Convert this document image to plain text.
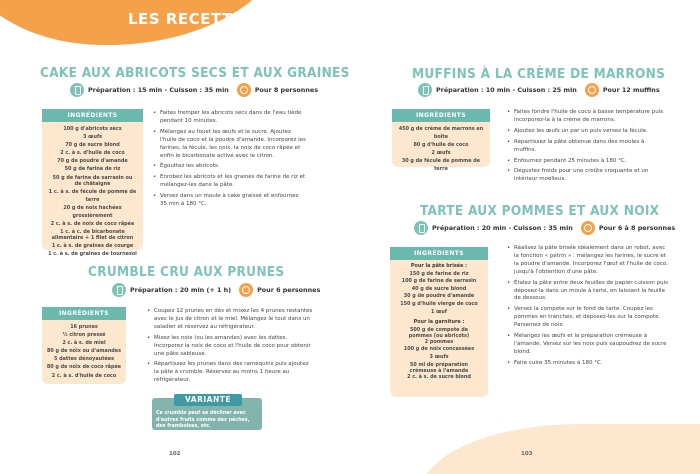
LES RECETTES
CAKE AUX ABRICOTS SECS ET AUX GRAINES
Préparation : 15 min - Cuisson : 35 min	Pour 8 personnes
INGRÉDIENTS
100 g d'abricots secs
3 œufs
70 g de sucre blond
2 c. à s. d'huile de coco
70 g de poudre d'amande
50 g de farine de riz
50 g de farine de sarrasin ou de châtaigne
1 c. à s. de fécule de pomme de terre
20 g de noix hachées grossièrement
2 c. à s. de noix de coco râpée
1 c. à c. de bicarbonate alimentaire + 1 filet de citron
1 c. à s. de graines de courge
1 c. à s. de graines de tournesol
• Faites tremper les abricots secs dans de l'eau tiède pendant 10 minutes.
• Mélangez au fouet les œufs et le sucre. Ajoutez l'huile de coco et la poudre d'amande. Incorporez les farines, la fécule, les noix, la noix de coco râpée et enfin le bicarbonate activé avec le citron.
• Égouttez les abricots.
• Enrobez les abricots et les graines de farine de riz et mélangez-les dans la pâte.
• Versez dans un moule à cake graissé et enfournez 35 min à 180 °C.
CRUMBLE CRU AUX PRUNES
Préparation : 20 min (+ 1 h)	Pour 6 personnes
INGRÉDIENTS
16 prunes
½ citron pressé
2 c. à s. de miel
80 g de noix ou d'amandes
5 dattes dénoyautées
80 g de noix de coco râpée
2 c. à s. d'huile de coco
• Coupez 12 prunes en dés et mixez les 4 prunes restantes avec le jus de citron et le miel. Mélangez le tout dans un saladier et réservez au réfrigérateur.
• Mixez les noix (ou les amandes) avec les dattes. Incorporez la noix de coco et l'huile de coco pour obtenir une pâte sableuse.
• Répartissez les prunes dans des ramequins puis ajoutez la pâte à crumble. Réservez au moins 1 heure au réfrigérateur.
VARIANTE
Ce crumble peut se décliner avec d'autres fruits comme des pêches, des framboises, etc.
MUFFINS À LA CRÈME DE MARRONS
Préparation : 10 min - Cuisson : 25 min	Pour 12 muffins
INGRÉDIENTS
450 g de crème de marrons en boîte
80 g d'huile de coco
2 œufs
30 g de fécule de pomme de terre
• Faites fondre l'huile de coco à basse température puis incorporez-la à la crème de marrons.
• Ajoutez les œufs un par un puis versez la fécule.
• Répartissez la pâte obtenue dans des moules à muffins.
• Enfournez pendant 25 minutes à 180 °C.
• Dégustez froids pour une croûte croquante et un intérieur moelleux.
TARTE AUX POMMES ET AUX NOIX
Préparation : 20 min - Cuisson : 35 min	Pour 6 à 8 personnes
INGRÉDIENTS
Pour la pâte brisée :
150 g de farine de riz
100 g de farine de sarrasin
40 g de sucre blond
30 g de poudre d'amande
150 g d'huile vierge de coco
1 œuf
Pour la garniture :
500 g de compote de pommes (ou abricots)
2 pommes
100 g de noix concassées
3 œufs
50 ml de préparation crémeuse à l'amande
2 c. à s. de sucre blond
• Réalisez la pâte brisée idéalement dans un robot, avec la fonction « pétrin » : mélangez les farines, le sucre et la poudre d'amande. Incorporez l'œuf et l'huile de coco, jusqu'à l'obtention d'une pâte.
• Étalez la pâte entre deux feuilles de papier cuisson puis déposez-la dans un moule à tarte, en laissant la feuille de dessous.
• Versez la compote sur le fond de tarte. Coupez les pommes en tranches, et déposez-les sur la compote. Parsemez de noix.
• Mélangez les œufs et la préparation crémeuse à l'amande. Versez sur les noix puis saupoudrez de sucre blond.
• Faire cuire 35 minutes à 180 °C.
102	103
